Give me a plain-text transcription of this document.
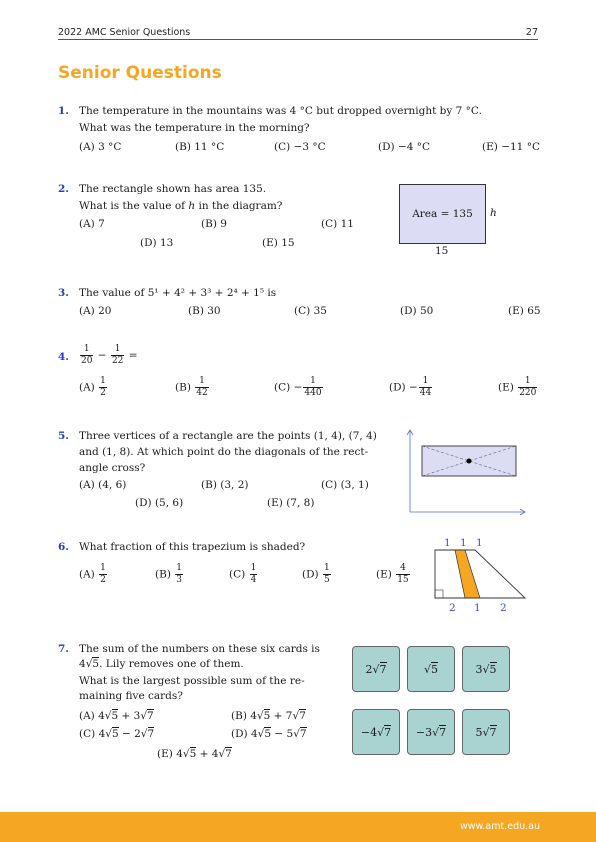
2022 AMC Senior Questions	27
Senior Questions
1. The temperature in the mountains was 4 °C but dropped overnight by 7 °C.
What was the temperature in the morning?
(A) 3 °C	(B) 11 °C	(C) −3 °C	(D) −4 °C	(E) −11 °C
2. The rectangle shown has area 135.
What is the value of h in the diagram?
(A) 7	(B) 9	(C) 11
(D) 13	(E) 15
Area = 135 h
15
3. The value of 5¹ + 4² + 3³ + 2⁴ + 1⁵ is
(A) 20	(B) 30	(C) 35	(D) 50	(E) 65
4. $\frac{1}{20} - \frac{1}{22}$ =
$(A) \frac{1}{2}$	$(B) \frac{1}{42}$	$(C) - \frac{1}{440}$	$(D) - \frac{1}{44}$	$(E) \frac{1}{220}$
5. Three vertices of a rectangle are the points (1, 4), (7, 4)
and (1, 8). At which point do the diagonals of the rect-
angle cross?
(A) (4, 6)	(B) (3, 2)	(C) (3, 1)
(D) (5, 6)	(E) (7, 8)
6. What fraction of this trapezium is shaded?
$(A) \frac{1}{2}$	$(B) \frac{1}{3}$	$(C) \frac{1}{4}$	$(D) \frac{1}{5}$	$(E) \frac{4}{15}$
1 1 1
2 1 2
7. The sum of the numbers on these six cards is
4√5. Lily removes one of them.
What is the largest possible sum of the re-
maining five cards?
(A) 4√5 + 3√7	(B) 4√5 + 7√7
(C) 4√5 − 2√7	(D) 4√5 − 5√7
(E) 4√5 + 4√7
2 √ 7	√ 5	3 √ 5
−4 √ 7 −3 √ 7	5 √ 7
www.amt.edu.au
